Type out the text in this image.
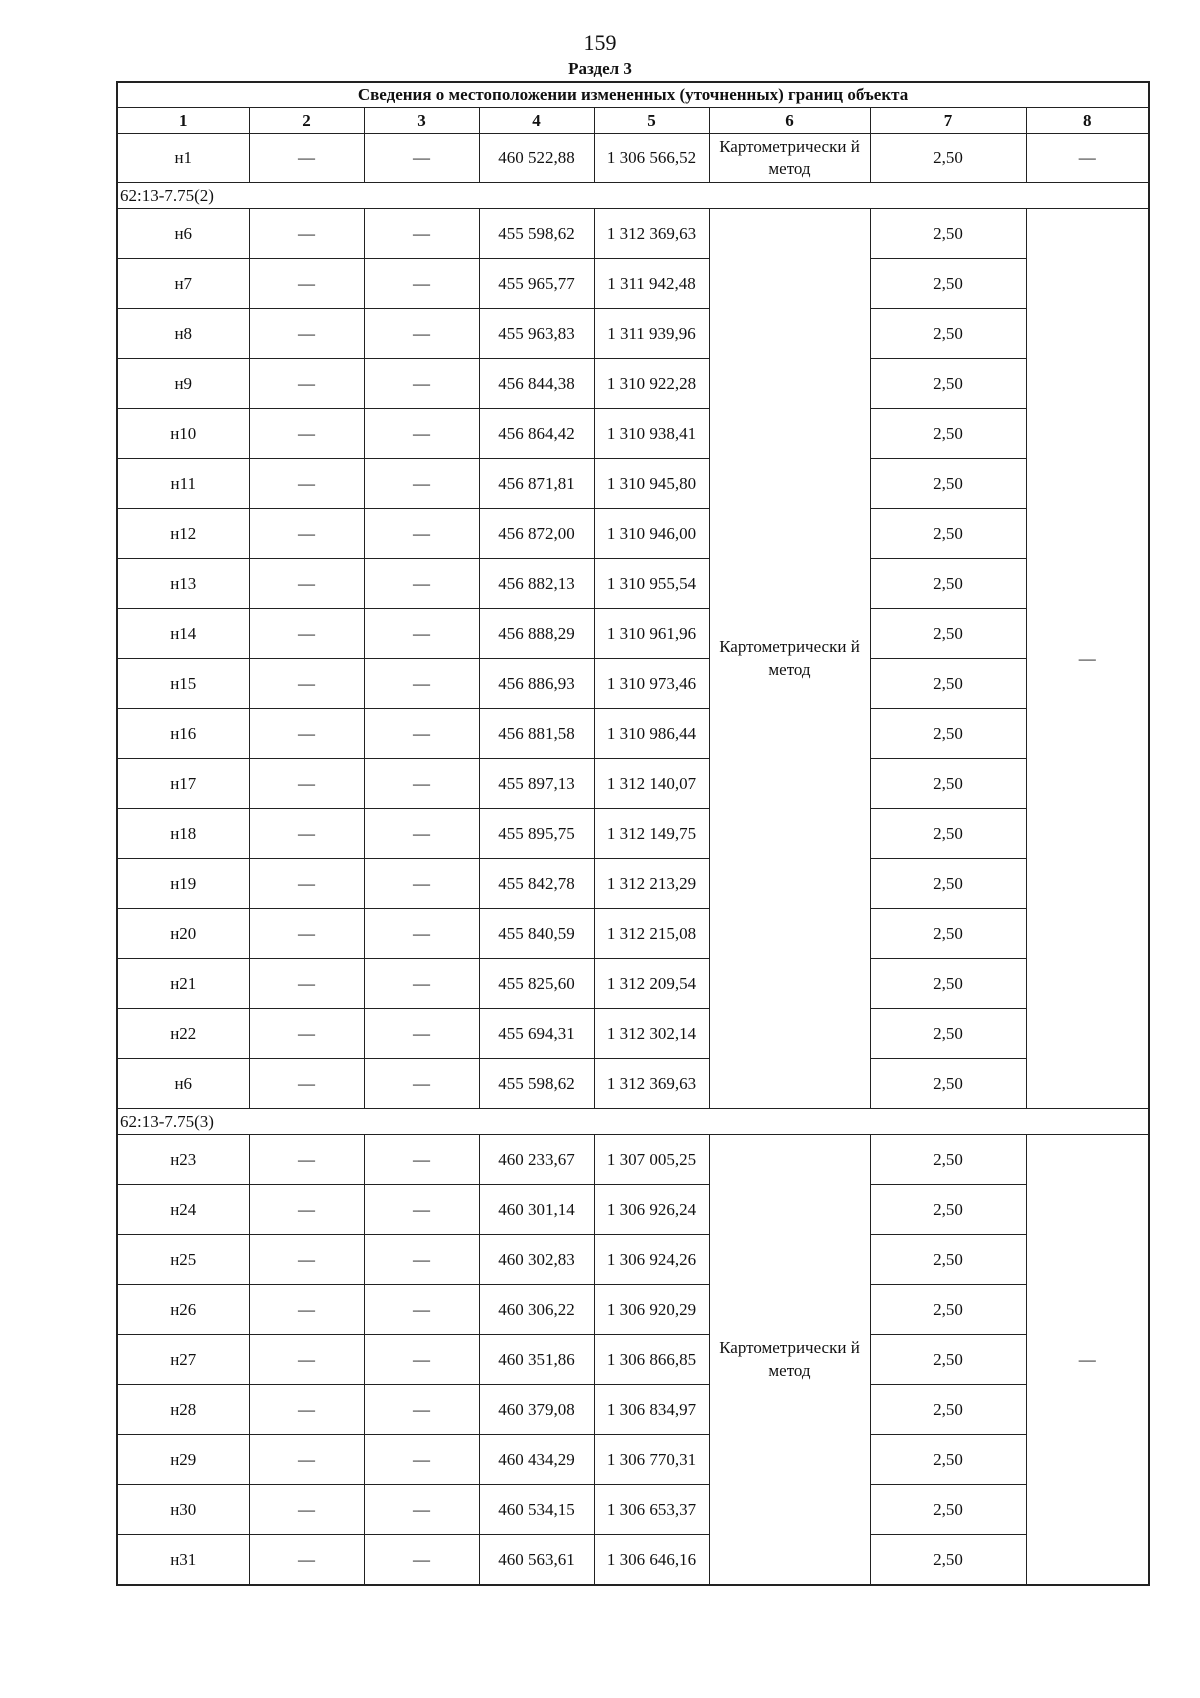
159
Раздел 3
Сведения о местоположении измененных (уточненных) границ объекта							
1	2	3	4	5	6	7	8
н1	—	—	460 522,88	1 306 566,52	Картометрически й метод	2,50	—
62:13-7.75(2)							
н6	—	—	455 598,62	1 312 369,63	Картометрически й метод	2,50	—
н7	—	—	455 965,77	1 311 942,48		2,50	
н8	—	—	455 963,83	1 311 939,96		2,50	
н9	—	—	456 844,38	1 310 922,28		2,50	
н10	—	—	456 864,42	1 310 938,41		2,50	
н11	—	—	456 871,81	1 310 945,80		2,50	
н12	—	—	456 872,00	1 310 946,00		2,50	
н13	—	—	456 882,13	1 310 955,54		2,50	
н14	—	—	456 888,29	1 310 961,96		2,50	
н15	—	—	456 886,93	1 310 973,46		2,50	
н16	—	—	456 881,58	1 310 986,44		2,50	
н17	—	—	455 897,13	1 312 140,07		2,50	
н18	—	—	455 895,75	1 312 149,75		2,50	
н19	—	—	455 842,78	1 312 213,29		2,50	
н20	—	—	455 840,59	1 312 215,08		2,50	
н21	—	—	455 825,60	1 312 209,54		2,50	
н22	—	—	455 694,31	1 312 302,14		2,50	
н6	—	—	455 598,62	1 312 369,63		2,50	
62:13-7.75(3)							
н23	—	—	460 233,67	1 307 005,25	Картометрически й метод	2,50	—
н24	—	—	460 301,14	1 306 926,24		2,50	
н25	—	—	460 302,83	1 306 924,26		2,50	
н26	—	—	460 306,22	1 306 920,29		2,50	
н27	—	—	460 351,86	1 306 866,85		2,50	
н28	—	—	460 379,08	1 306 834,97		2,50	
н29	—	—	460 434,29	1 306 770,31		2,50	
н30	—	—	460 534,15	1 306 653,37		2,50	
н31	—	—	460 563,61	1 306 646,16		2,50	
